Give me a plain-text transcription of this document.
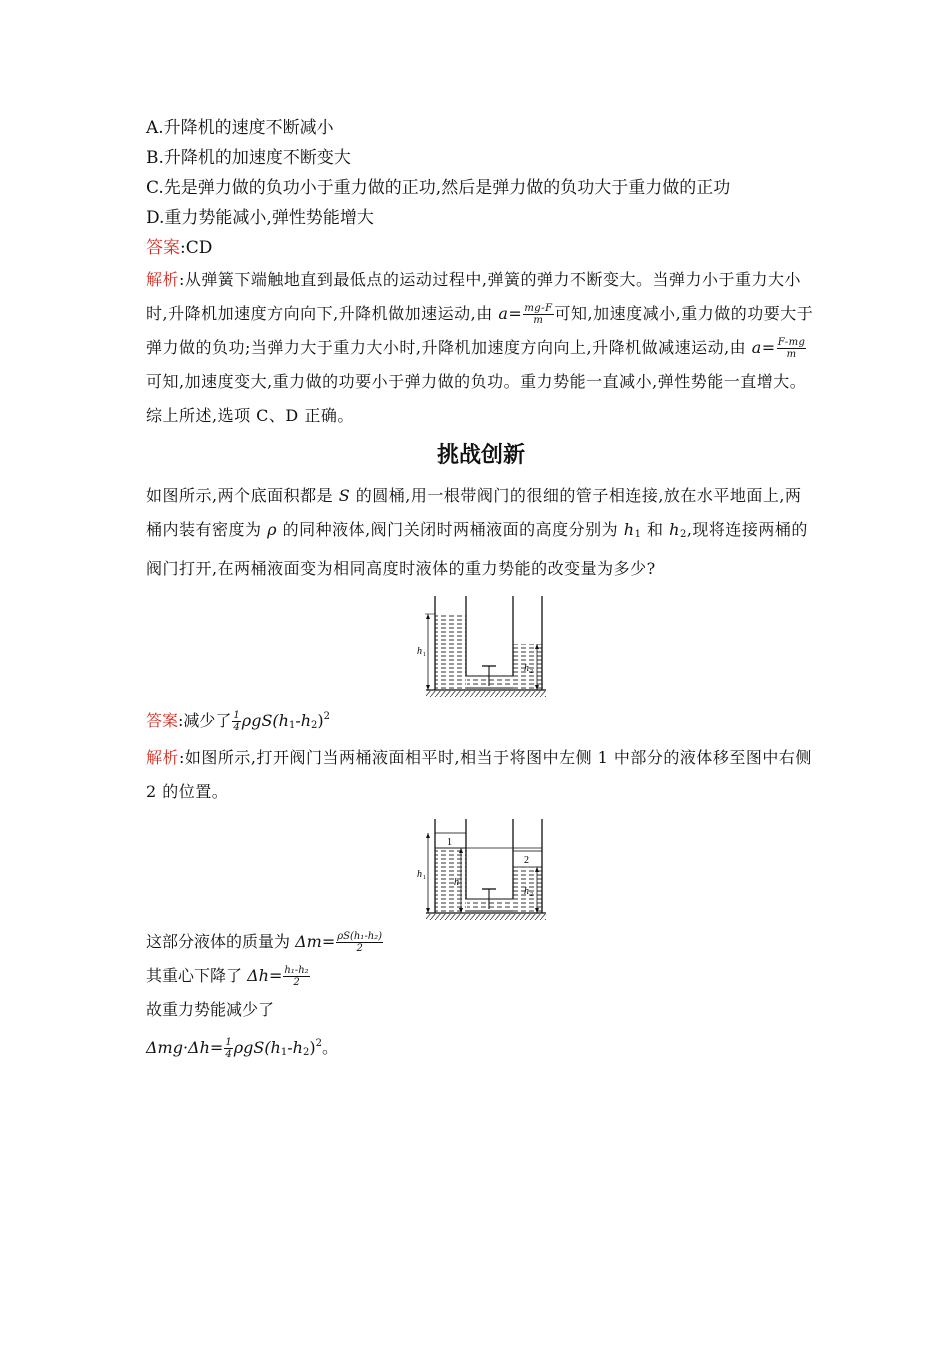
A.升降机的速度不断减小
B.升降机的加速度不断变大
C.先是弹力做的负功小于重力做的正功,然后是弹力做的负功大于重力做的正功
D.重力势能减小,弹性势能增大
答案:CD
解析:从弹簧下端触地直到最低点的运动过程中,弹簧的弹力不断变大。当弹力小于重力大小时,升降机加速度方向向下,升降机做加速运动,由 $a= \frac{mg-F}{m}$ 可知,加速度减小,重力做的功要大于弹力做的负功;当弹力大于重力大小时,升降机加速度方向向上,升降机做减速运动,由 $a= \frac{F-mg}{m}$
可知,加速度变大,重力做的功要小于弹力做的负功。重力势能一直减小,弹性势能一直增大。综上所述,选项 C、D 正确。
挑战创新
如图所示,两个底面积都是 S 的圆桶,用一根带阀门的很细的管子相连接,放在水平地面上,两桶内装有密度为 ρ 的同种液体,阀门关闭时两桶液面的高度分别为 $h_1$ 和 $h_2$,现将连接两桶的阀门打开,在两桶液面变为相同高度时液体的重力势能的改变量为多少?
h 1
h 2
答案:减少了 $\frac{1}{4} \rho gS(h_1-h_2)^2$
解析:如图所示,打开阀门当两桶液面相平时,相当于将图中左侧 1 中部分的液体移至图中右侧 2 的位置。
1
2
h 1	h
h 2
这部分液体的质量为 $\Delta m= \frac{\text{ρS(h₁-h₂)}}{2}$
其重心下降了 $\Delta h= \frac{\text{h₁-h₂}}{2}$
故重力势能减少了
$\Delta mg\cdot\Delta h= \frac{1}{4} \rho gS(h_1-h_2)^2$。
